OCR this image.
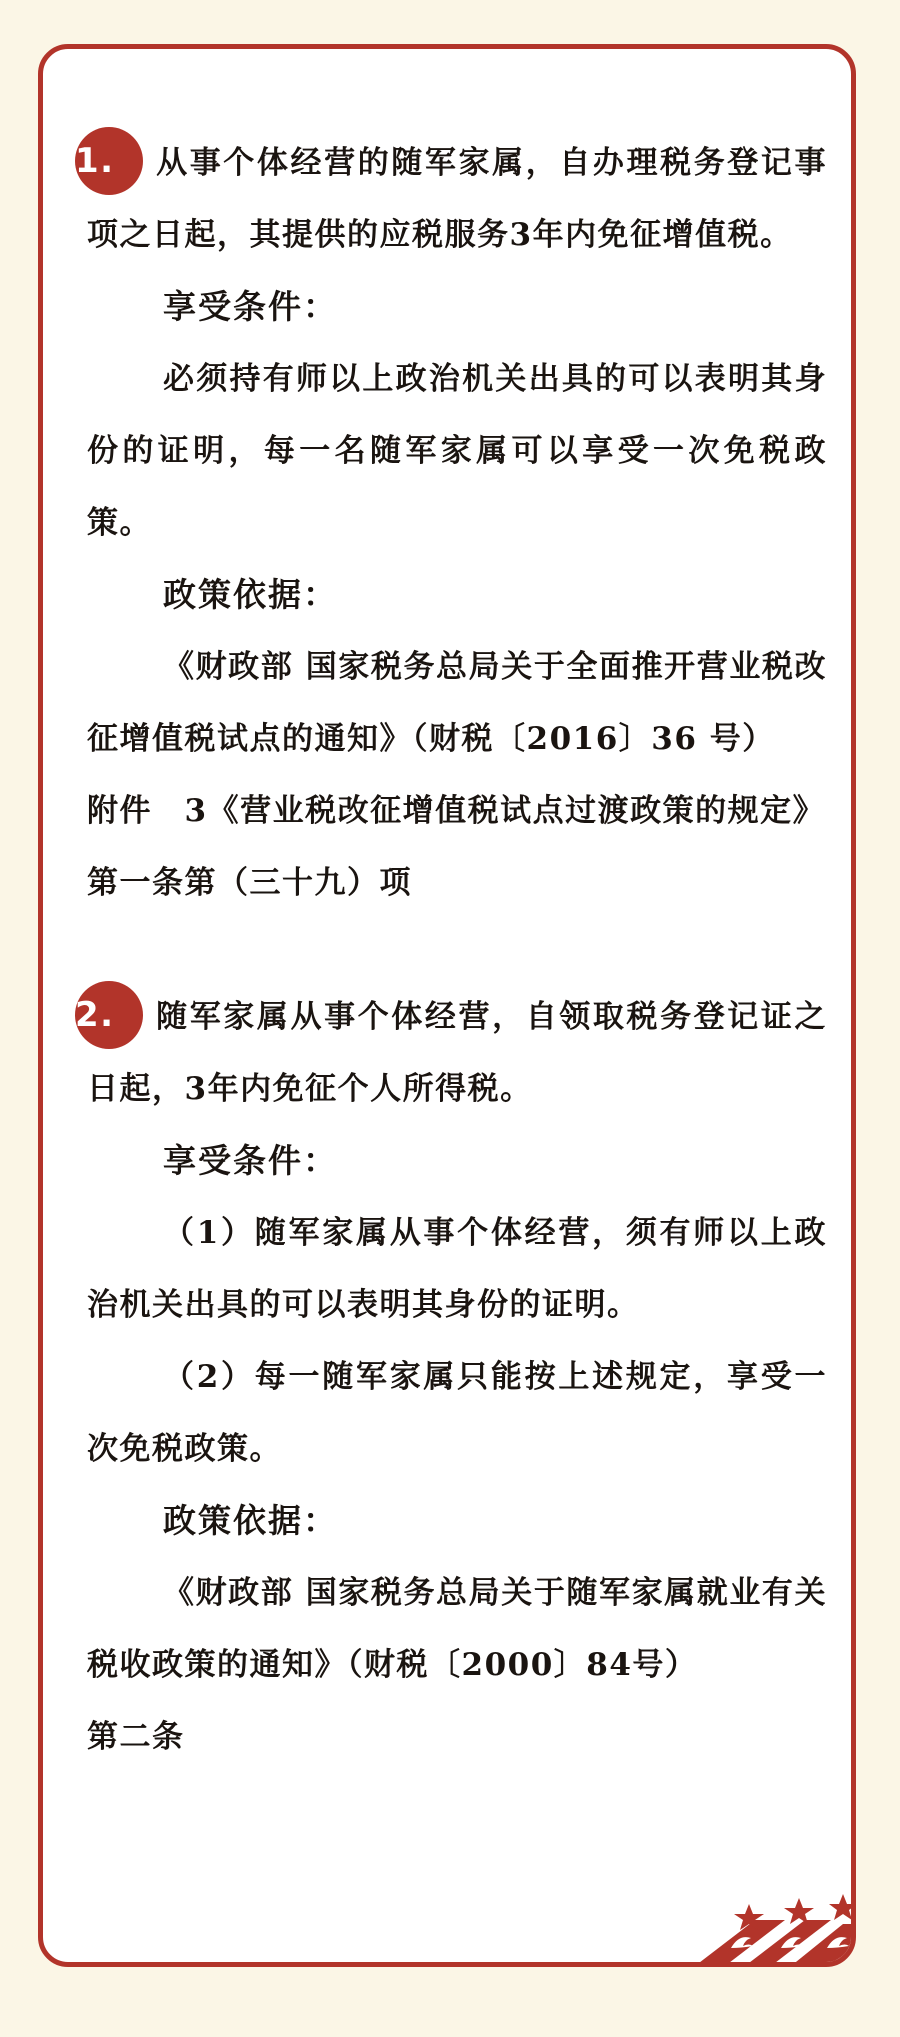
1. 从事个体经营的随军家属，自办理税务登记事项之日起，其提供的应税服务3年内免征增值税。

享受条件：

必须持有师以上政治机关出具的可以表明其身份的证明，每一名随军家属可以享受一次免税政策。

政策依据：

《财政部 国家税务总局关于全面推开营业税改征增值税试点的通知》（财税〔2016〕36 号）

附件　3《营业税改征增值税试点过渡政策的规定》

第一条第（三十九）项

2. 随军家属从事个体经营，自领取税务登记证之日起，3年内免征个人所得税。

享受条件：

（1）随军家属从事个体经营，须有师以上政治机关出具的可以表明其身份的证明。

（2）每一随军家属只能按上述规定，享受一次免税政策。

政策依据：

《财政部 国家税务总局关于随军家属就业有关税收政策的通知》（财税〔2000〕84号）

第二条
